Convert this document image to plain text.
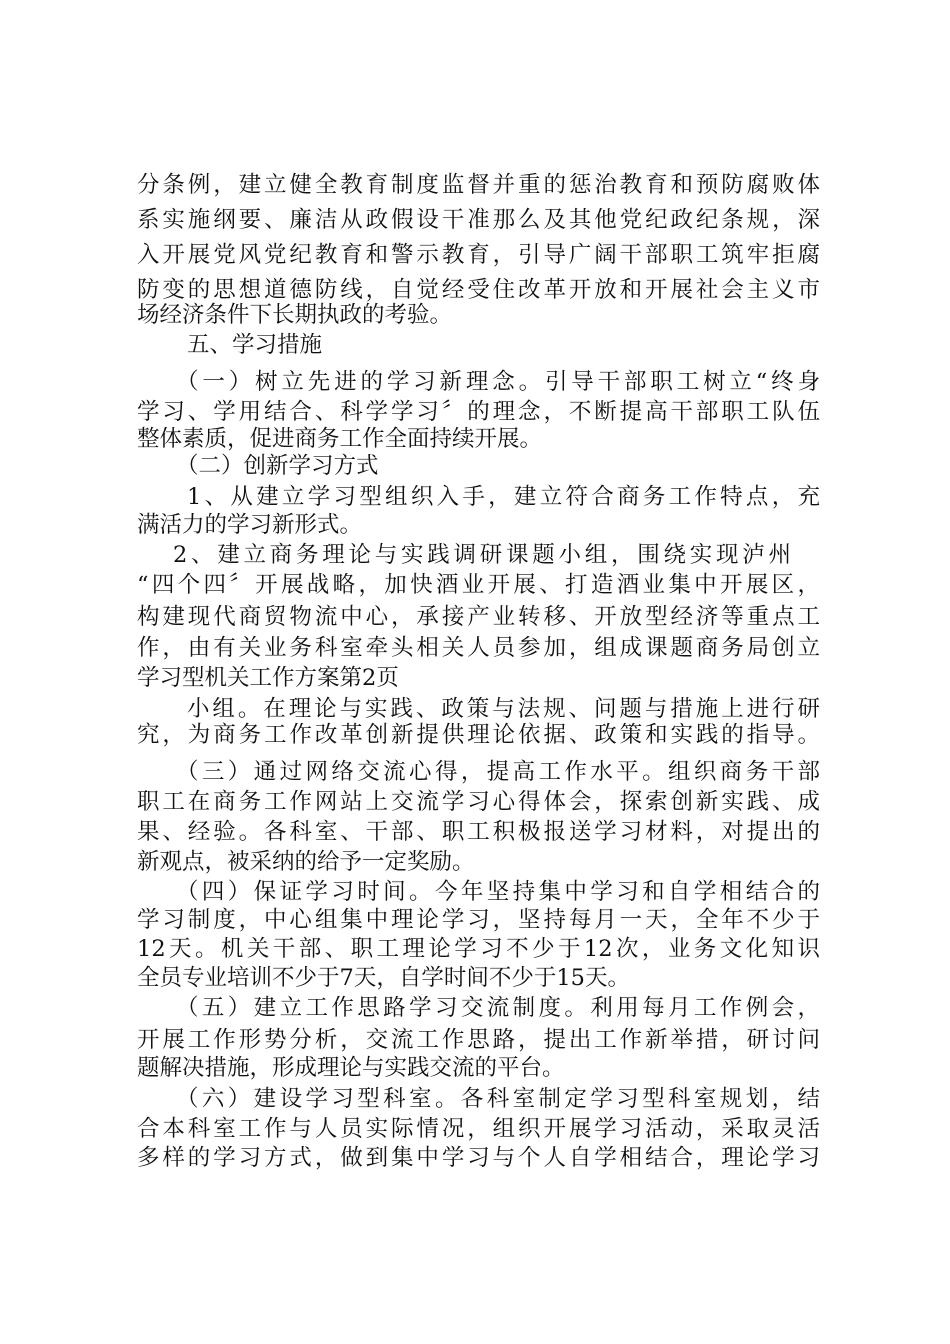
分条例，建立健全教育制度监督并重的惩治教育和预防腐败体
系实施纲要、廉洁从政假设干准那么及其他党纪政纪条规，深
入开展党风党纪教育和警示教育，引导广阔干部职工筑牢拒腐
防变的思想道德防线，自觉经受住改革开放和开展社会主义市
场经济条件下长期执政的考验。
五、学习措施
（一）树立先进的学习新理念。引导干部职工树立“终身
学习、学用结合、科学学习〞的理念，不断提高干部职工队伍
整体素质，促进商务工作全面持续开展。
（二）创新学习方式
1、从建立学习型组织入手，建立符合商务工作特点，充
满活力的学习新形式。
2、建立商务理论与实践调研课题小组，围绕实现泸州
“四个四〞开展战略，加快酒业开展、打造酒业集中开展区，
构建现代商贸物流中心，承接产业转移、开放型经济等重点工
作，由有关业务科室牵头相关人员参加，组成课题商务局创立
学习型机关工作方案第2页
小组。在理论与实践、政策与法规、问题与措施上进行研
究，为商务工作改革创新提供理论依据、政策和实践的指导。
（三）通过网络交流心得，提高工作水平。组织商务干部
职工在商务工作网站上交流学习心得体会，探索创新实践、成
果、经验。各科室、干部、职工积极报送学习材料，对提出的
新观点，被采纳的给予一定奖励。
（四）保证学习时间。今年坚持集中学习和自学相结合的
学习制度，中心组集中理论学习，坚持每月一天，全年不少于
12天。机关干部、职工理论学习不少于12次，业务文化知识
全员专业培训不少于7天，自学时间不少于15天。
（五）建立工作思路学习交流制度。利用每月工作例会，
开展工作形势分析，交流工作思路，提出工作新举措，研讨问
题解决措施，形成理论与实践交流的平台。
（六）建设学习型科室。各科室制定学习型科室规划，结
合本科室工作与人员实际情况，组织开展学习活动，采取灵活
多样的学习方式，做到集中学习与个人自学相结合，理论学习
